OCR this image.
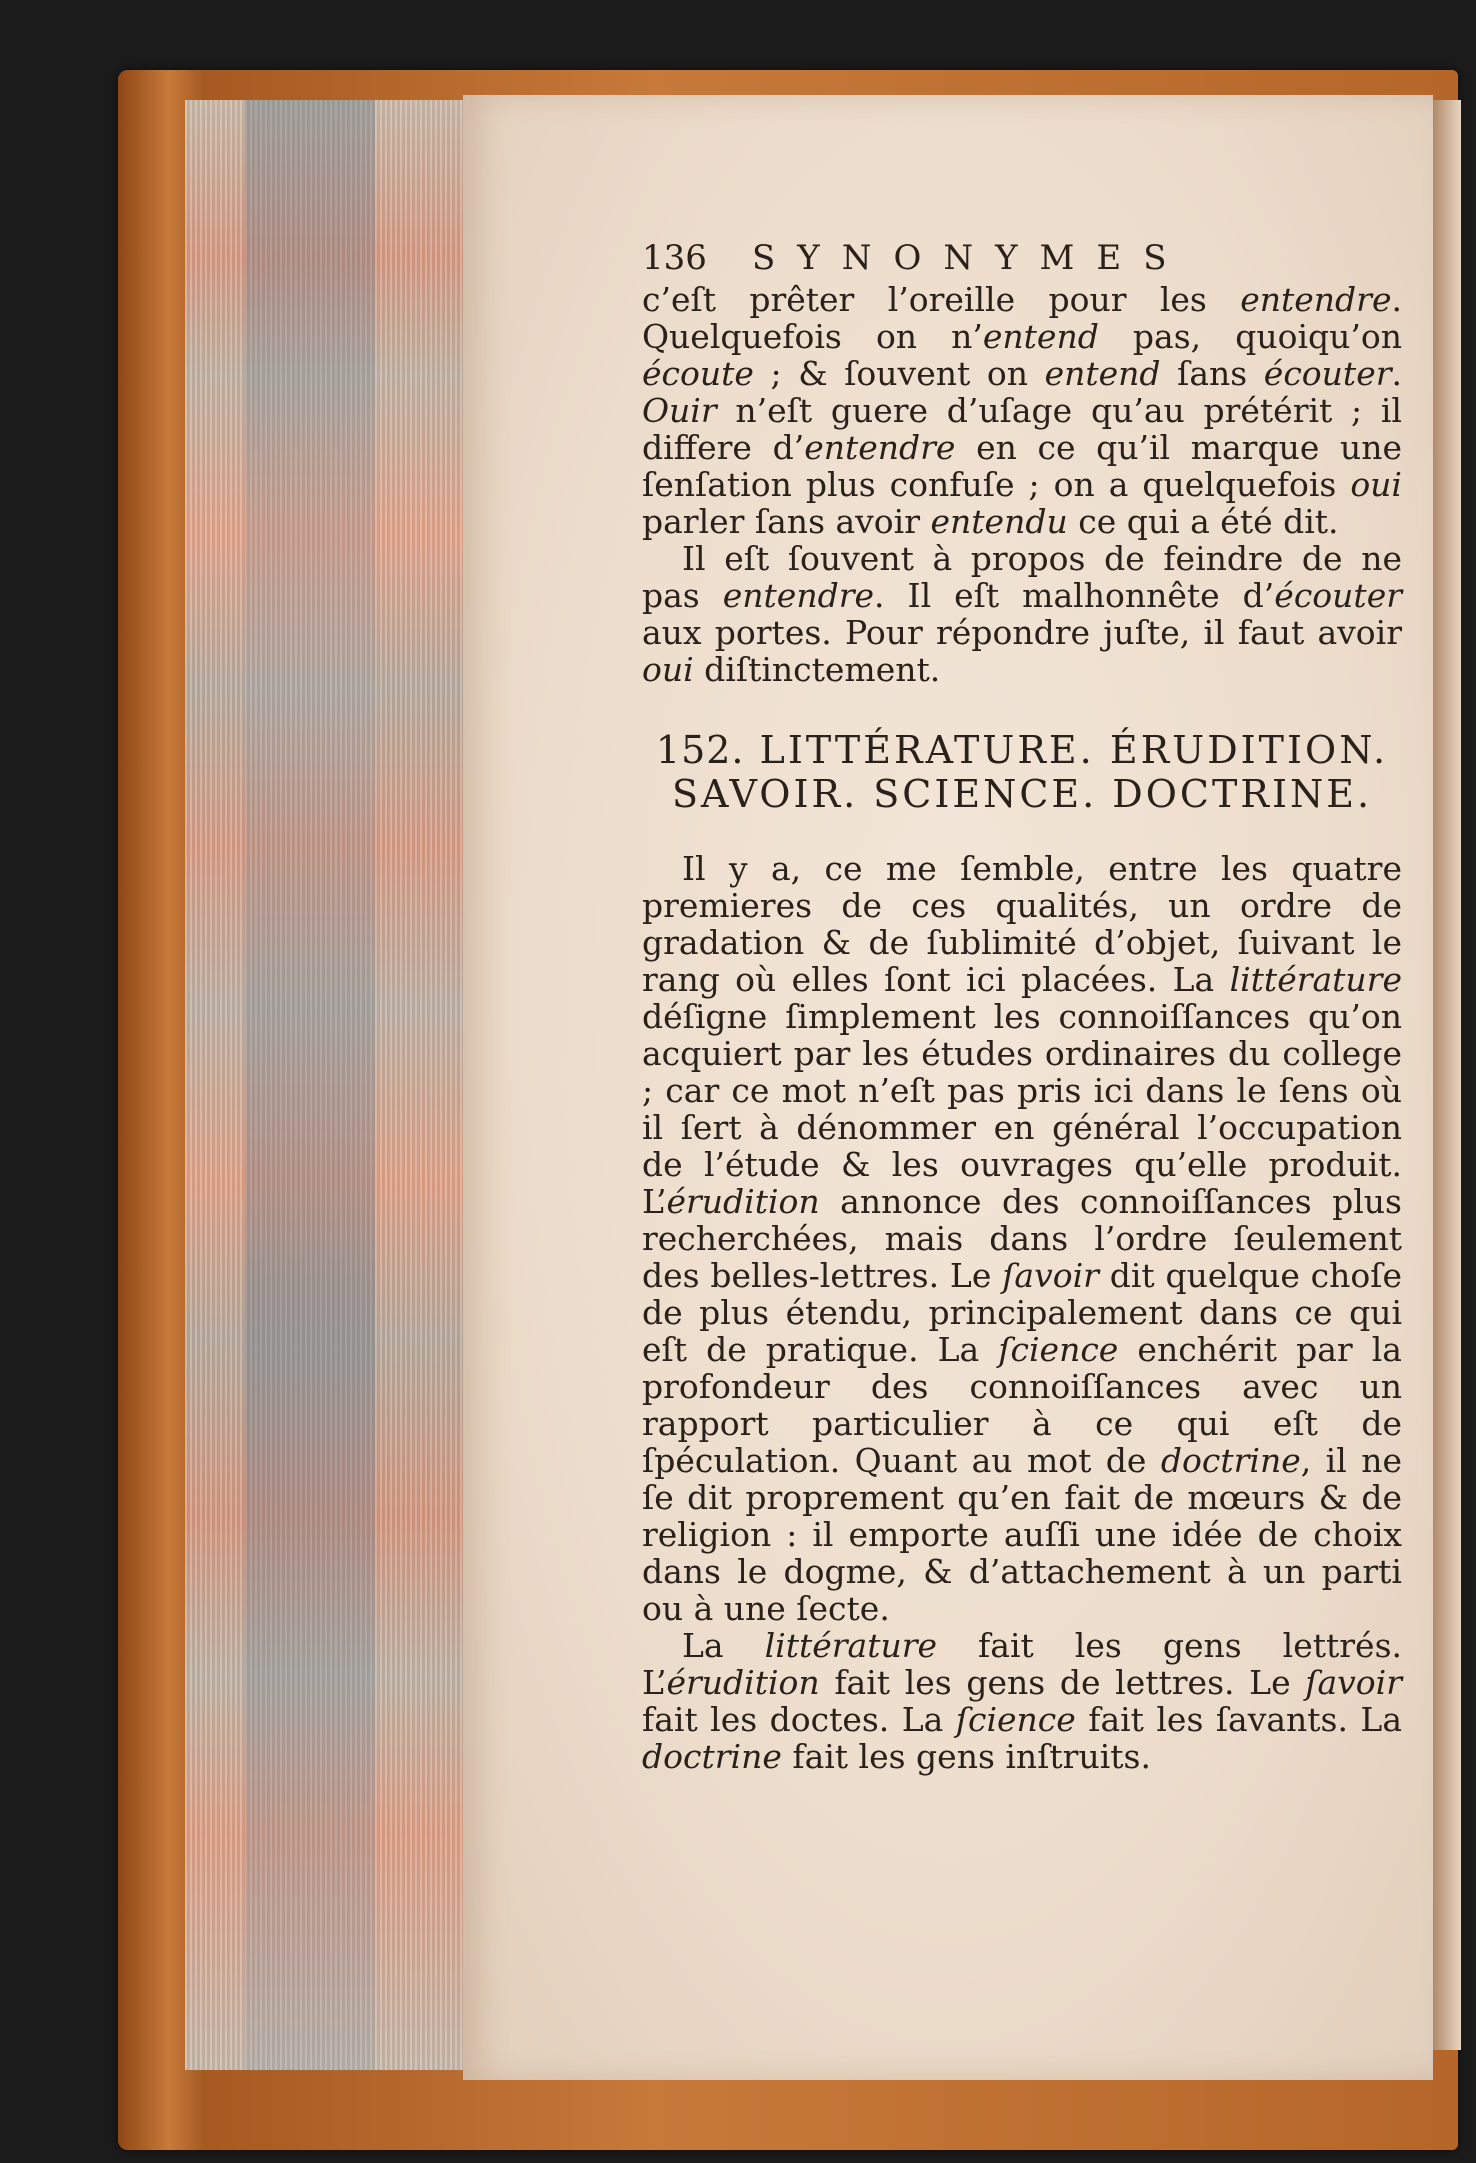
136	SYNONYMES

c’eſt prêter l’oreille pour les entendre. Quelquefois on n’entend pas, quoiqu’on écoute ; & ſouvent on entend ſans écouter. Ouir n’eſt guere d’uſage qu’au prétérit ; il differe d’entendre en ce qu’il marque une ſenſation plus confuſe ; on a quelquefois oui parler ſans avoir entendu ce qui a été dit.

Il eſt ſouvent à propos de feindre de ne pas entendre. Il eſt malhonnête d’écouter aux portes. Pour répondre juſte, il faut avoir oui diſtinctement.

152. LITTÉRATURE. ÉRUDITION.
SAVOIR. SCIENCE. DOCTRINE.

Il y a, ce me ſemble, entre les quatre premieres de ces qualités, un ordre de gradation & de ſublimité d’objet, ſuivant le rang où elles ſont ici placées. La littérature déſigne ſimplement les connoiſſances qu’on acquiert par les études ordinaires du college ; car ce mot n’eſt pas pris ici dans le ſens où il ſert à dénommer en général l’occupation de l’étude & les ouvrages qu’elle produit. L’érudition annonce des connoiſſances plus recherchées, mais dans l’ordre ſeulement des belles-lettres. Le ſavoir dit quelque choſe de plus étendu, principalement dans ce qui eſt de pratique. La ſcience enchérit par la profondeur des connoiſſances avec un rapport particulier à ce qui eſt de ſpéculation. Quant au mot de doctrine, il ne ſe dit proprement qu’en fait de mœurs & de religion : il emporte auſſi une idée de choix dans le dogme, & d’attachement à un parti ou à une ſecte.

La littérature fait les gens lettrés. L’érudition fait les gens de lettres. Le ſavoir fait les doctes. La ſcience fait les ſavants. La doctrine fait les gens inſtruits.
